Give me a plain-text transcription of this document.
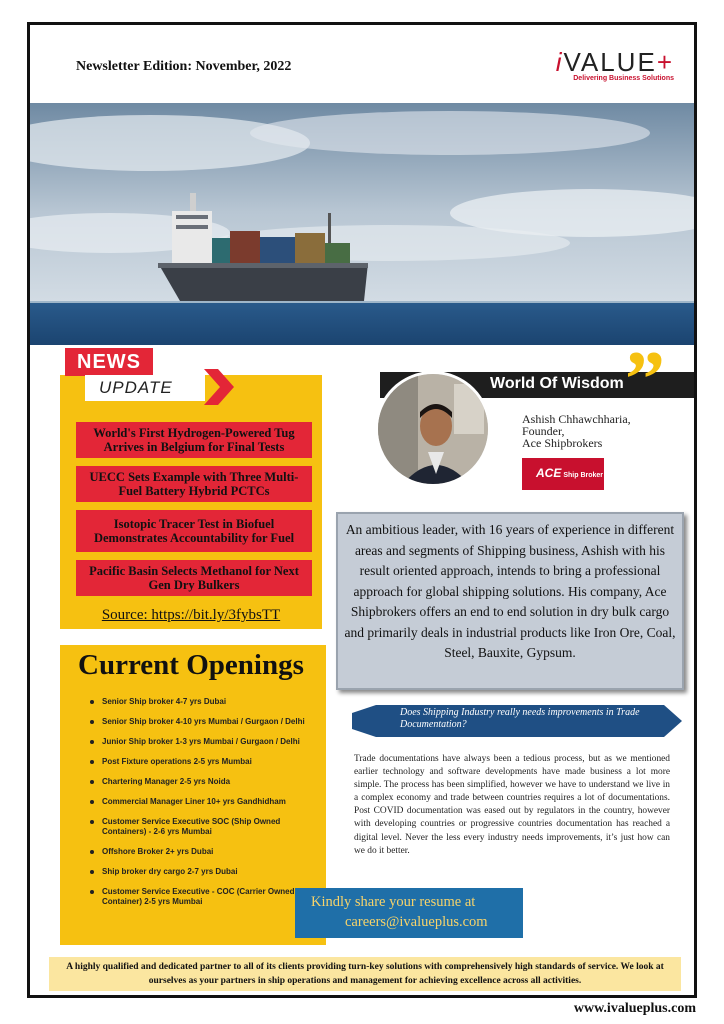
Newsletter Edition: November, 2022	iVALUE+
Delivering Business Solutions
World's First Hydrogen-Powered Tug Arrives in Belgium for Final Tests
UECC Sets Example with Three Multi-Fuel Battery Hybrid PCTCs
Isotopic Tracer Test in Biofuel Demonstrates Accountability for Fuel
Pacific Basin Selects Methanol for Next Gen Dry Bulkers
Source: https://bit.ly/3fybsTT
NEWS
UPDATE
Current Openings
Senior Ship broker 4-7 yrs Dubai
Senior Ship broker 4-10 yrs Mumbai / Gurgaon / Delhi
Junior Ship broker 1-3 yrs Mumbai / Gurgaon / Delhi
Post Fixture operations 2-5 yrs Mumbai
Chartering Manager 2-5 yrs Noida
Commercial Manager Liner 10+ yrs Gandhidham
Customer Service Executive SOC (Ship Owned Containers) - 2-6 yrs Mumbai
Offshore Broker 2+ yrs Dubai
Ship broker dry cargo 2-7 yrs Dubai
Customer Service Executive - COC (Carrier Owned Container) 2-5 yrs Mumbai
World Of Wisdom ”
Ashish Chhawchharia,
Founder,
Ace Shipbrokers
ACE Ship Broker
An ambitious leader, with 16 years of experience in different areas and segments of Shipping business, Ashish with his result oriented approach, intends to bring a professional approach for global shipping solutions. His company, Ace Shipbrokers offers an end to end solution in dry bulk cargo and primarily deals in industrial products like Iron Ore, Coal, Steel, Bauxite, Gypsum.
Does Shipping Industry really needs improvements in Trade Documentation?
Trade documentations have always been a tedious process, but as we mentioned earlier technology and software developments have made business a lot more simple. The process has been simplified, however we have to understand we live in a complex economy and trade between countries requires a lot of documentations. Post COVID documentation was eased out by regulators in the country, however with developing countries or progressive countries documentation has reached a digital level. Never the less every industry needs improvements, it’s just how can we do it better.
Kindly share your resume at
careers@ivalueplus.com
A highly qualified and dedicated partner to all of its clients providing turn-key solutions with comprehensively high standards of service. We look at ourselves as your partners in ship operations and management for achieving excellence across all activities.
www.ivalueplus.com
